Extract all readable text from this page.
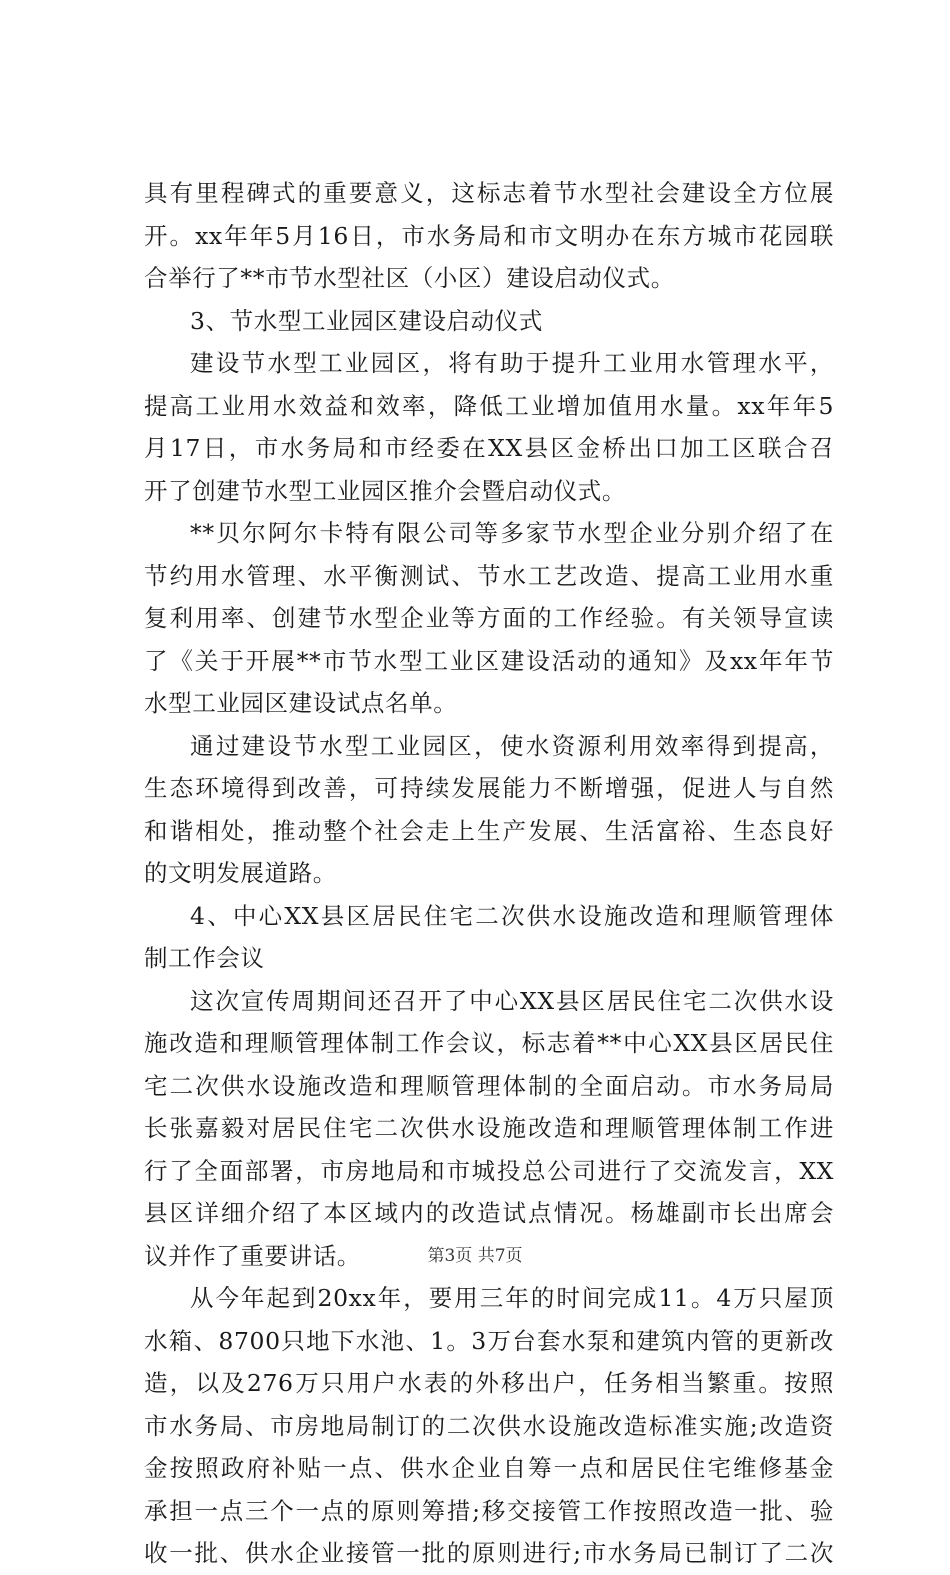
具有里程碑式的重要意义，这标志着节水型社会建设全方位展
开。xx年年5月16日，市水务局和市文明办在东方城市花园联
合举行了**市节水型社区（小区）建设启动仪式。
3、节水型工业园区建设启动仪式
建设节水型工业园区，将有助于提升工业用水管理水平，
提高工业用水效益和效率，降低工业增加值用水量。xx年年5
月17日，市水务局和市经委在XX县区金桥出口加工区联合召
开了创建节水型工业园区推介会暨启动仪式。
**贝尔阿尔卡特有限公司等多家节水型企业分别介绍了在
节约用水管理、水平衡测试、节水工艺改造、提高工业用水重
复利用率、创建节水型企业等方面的工作经验。有关领导宣读
了《关于开展**市节水型工业区建设活动的通知》及xx年年节
水型工业园区建设试点名单。
通过建设节水型工业园区，使水资源利用效率得到提高，
生态环境得到改善，可持续发展能力不断增强，促进人与自然
和谐相处，推动整个社会走上生产发展、生活富裕、生态良好
的文明发展道路。
4、中心XX县区居民住宅二次供水设施改造和理顺管理体
制工作会议
这次宣传周期间还召开了中心XX县区居民住宅二次供水设
施改造和理顺管理体制工作会议，标志着**中心XX县区居民住
宅二次供水设施改造和理顺管理体制的全面启动。市水务局局
长张嘉毅对居民住宅二次供水设施改造和理顺管理体制工作进
行了全面部署，市房地局和市城投总公司进行了交流发言，XX
县区详细介绍了本区域内的改造试点情况。杨雄副市长出席会
议并作了重要讲话。
从今年起到20xx年，要用三年的时间完成11。4万只屋顶
水箱、8700只地下水池、1。3万台套水泵和建筑内管的更新改
造，以及276万只用户水表的外移出户，任务相当繁重。按照
市水务局、市房地局制订的二次供水设施改造标准实施;改造资
金按照政府补贴一点、供水企业自筹一点和居民住宅维修基金
承担一点三个一点的原则筹措;移交接管工作按照改造一批、验
收一批、供水企业接管一批的原则进行;市水务局已制订了二次
第3页 共7页
